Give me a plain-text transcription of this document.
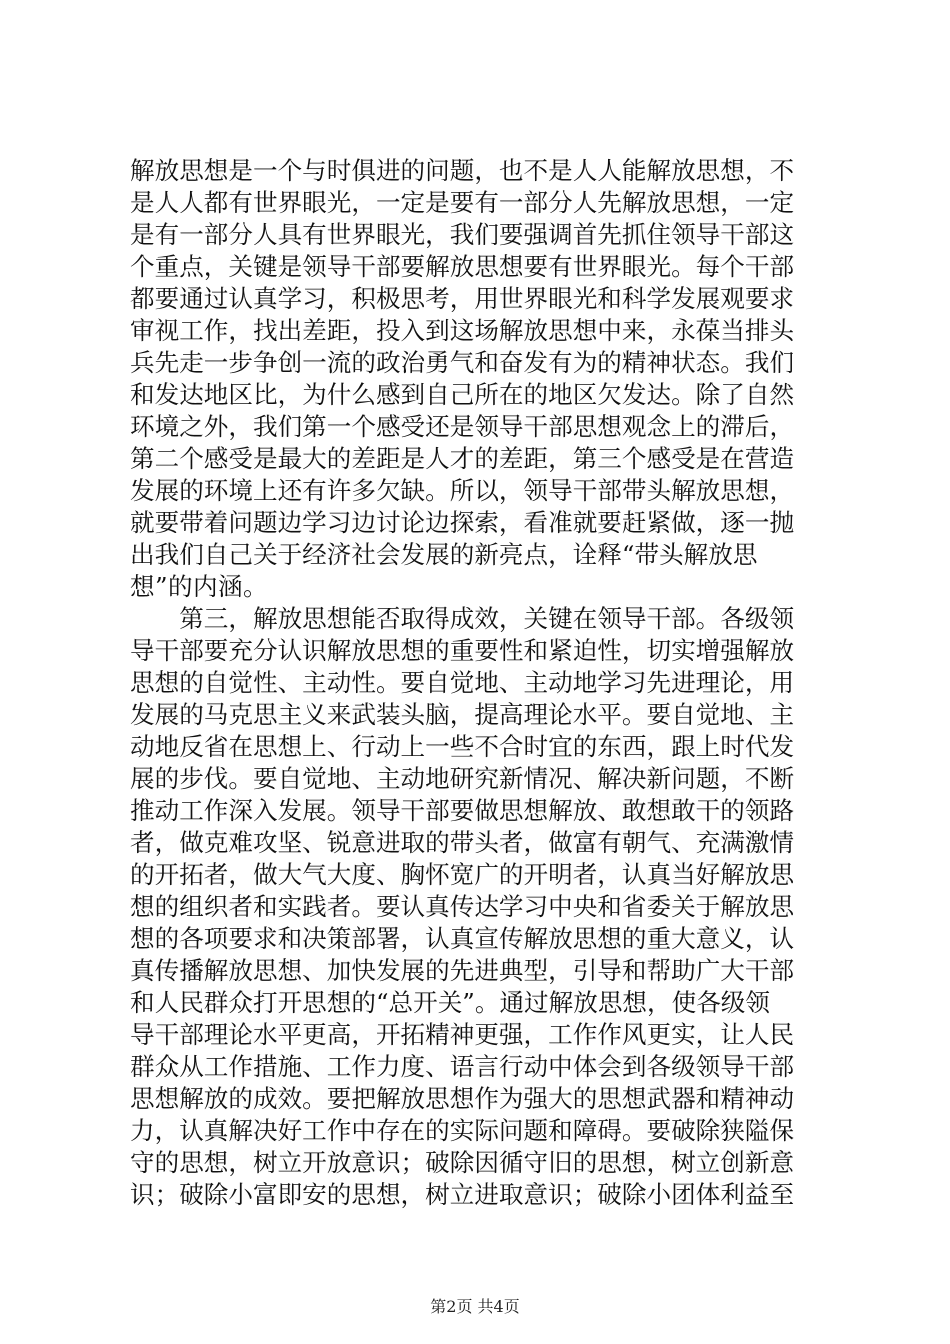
解放思想是一个与时俱进的问题，也不是人人能解放思想，不
是人人都有世界眼光，一定是要有一部分人先解放思想，一定
是有一部分人具有世界眼光，我们要强调首先抓住领导干部这
个重点，关键是领导干部要解放思想要有世界眼光。每个干部
都要通过认真学习，积极思考，用世界眼光和科学发展观要求
审视工作，找出差距，投入到这场解放思想中来，永葆当排头
兵先走一步争创一流的政治勇气和奋发有为的精神状态。我们
和发达地区比，为什么感到自己所在的地区欠发达。除了自然
环境之外，我们第一个感受还是领导干部思想观念上的滞后，
第二个感受是最大的差距是人才的差距，第三个感受是在营造
发展的环境上还有许多欠缺。所以，领导干部带头解放思想，
就要带着问题边学习边讨论边探索，看准就要赶紧做，逐一抛
出我们自己关于经济社会发展的新亮点，诠释“带头解放思
想”的内涵。
　　第三，解放思想能否取得成效，关键在领导干部。各级领
导干部要充分认识解放思想的重要性和紧迫性，切实增强解放
思想的自觉性、主动性。要自觉地、主动地学习先进理论，用
发展的马克思主义来武装头脑，提高理论水平。要自觉地、主
动地反省在思想上、行动上一些不合时宜的东西，跟上时代发
展的步伐。要自觉地、主动地研究新情况、解决新问题，不断
推动工作深入发展。领导干部要做思想解放、敢想敢干的领路
者，做克难攻坚、锐意进取的带头者，做富有朝气、充满激情
的开拓者，做大气大度、胸怀宽广的开明者，认真当好解放思
想的组织者和实践者。要认真传达学习中央和省委关于解放思
想的各项要求和决策部署，认真宣传解放思想的重大意义，认
真传播解放思想、加快发展的先进典型，引导和帮助广大干部
和人民群众打开思想的“总开关”。通过解放思想，使各级领
导干部理论水平更高，开拓精神更强，工作作风更实，让人民
群众从工作措施、工作力度、语言行动中体会到各级领导干部
思想解放的成效。要把解放思想作为强大的思想武器和精神动
力，认真解决好工作中存在的实际问题和障碍。要破除狭隘保
守的思想，树立开放意识；破除因循守旧的思想，树立创新意
识；破除小富即安的思想，树立进取意识；破除小团体利益至
第2页 共4页
